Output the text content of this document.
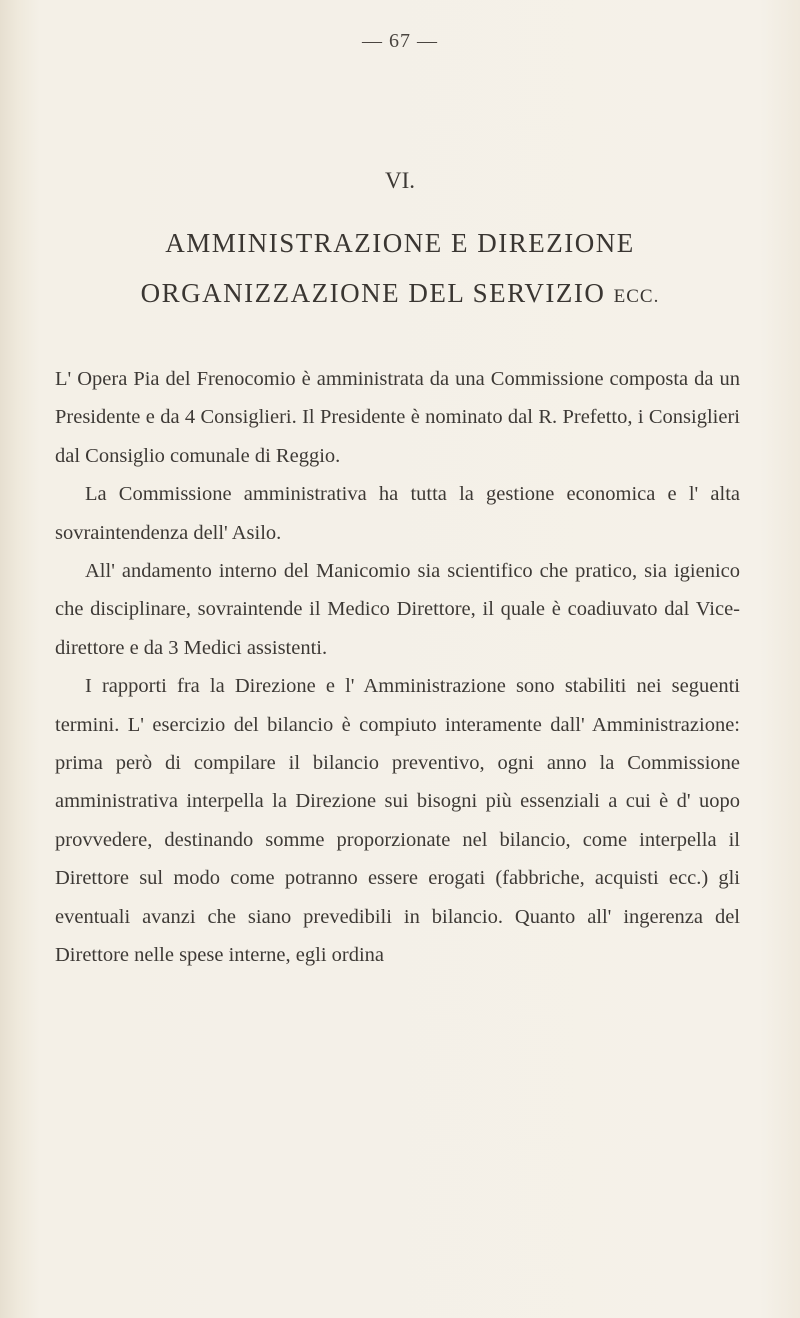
— 67 —
VI.
AMMINISTRAZIONE E DIREZIONE
ORGANIZZAZIONE DEL SERVIZIO ECC.

L' Opera Pia del Frenocomio è amministrata da una Commissione composta da un Presidente e da 4 Consiglieri. Il Presidente è nominato dal R. Prefetto, i Consiglieri dal Consiglio comunale di Reggio.

La Commissione amministrativa ha tutta la gestione economica e l' alta sovraintendenza dell' Asilo.

All' andamento interno del Manicomio sia scientifico che pratico, sia igienico che disciplinare, sovraintende il Medico Direttore, il quale è coadiuvato dal Vice-direttore e da 3 Medici assistenti.

I rapporti fra la Direzione e l' Amministrazione sono stabiliti nei seguenti termini. L' esercizio del bilancio è compiuto interamente dall' Amministrazione: prima però di compilare il bilancio preventivo, ogni anno la Commissione amministrativa interpella la Direzione sui bisogni più essenziali a cui è d' uopo provvedere, destinando somme proporzionate nel bilancio, come interpella il Direttore sul modo come potranno essere erogati (fabbriche, acquisti ecc.) gli eventuali avanzi che siano prevedibili in bilancio. Quanto all' ingerenza del Direttore nelle spese interne, egli ordina
